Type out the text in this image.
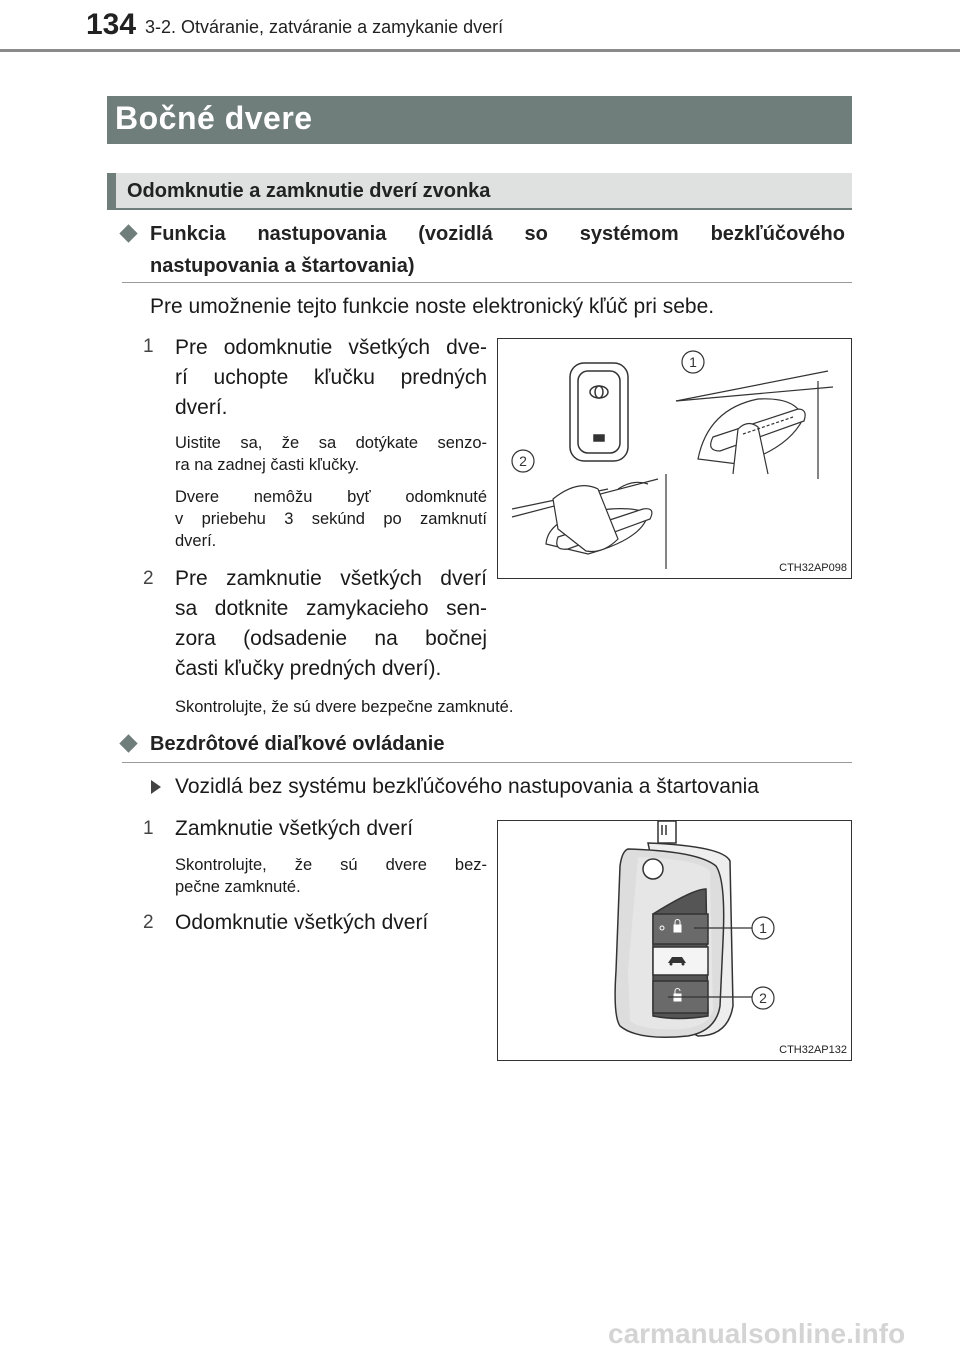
134 3-2. Otváranie, zatváranie a zamykanie dverí
Bočné dvere
Odomknutie a zamknutie dverí zvonka
Funkcia nastupovania (vozidlá so systémom bezkľúčového
nastupovania a štartovania)
Pre umožnenie tejto funkcie noste elektronický kľúč pri sebe.
1 Pre odomknutie všetkých dve-
rí uchopte kľučku predných
dverí.
Uistite sa, že sa dotýkate senzo-
ra na zadnej časti kľučky.
Dvere nemôžu byť odomknuté
v priebehu 3 sekúnd po zamknutí
dverí.
2 Pre zamknutie všetkých dverí
sa dotknite zamykacieho sen-
zora (odsadenie na bočnej
časti kľučky predných dverí).
Skontrolujte, že sú dvere bezpečne zamknuté.
1
2
CTH32AP098
Bezdrôtové diaľkové ovládanie
Vozidlá bez systému bezkľúčového nastupovania a štartovania
1 Zamknutie všetkých dverí
Skontrolujte, že sú dvere bez-
pečne zamknuté.
2 Odomknutie všetkých dverí	1
2
CTH32AP132
carmanualsonline.info
